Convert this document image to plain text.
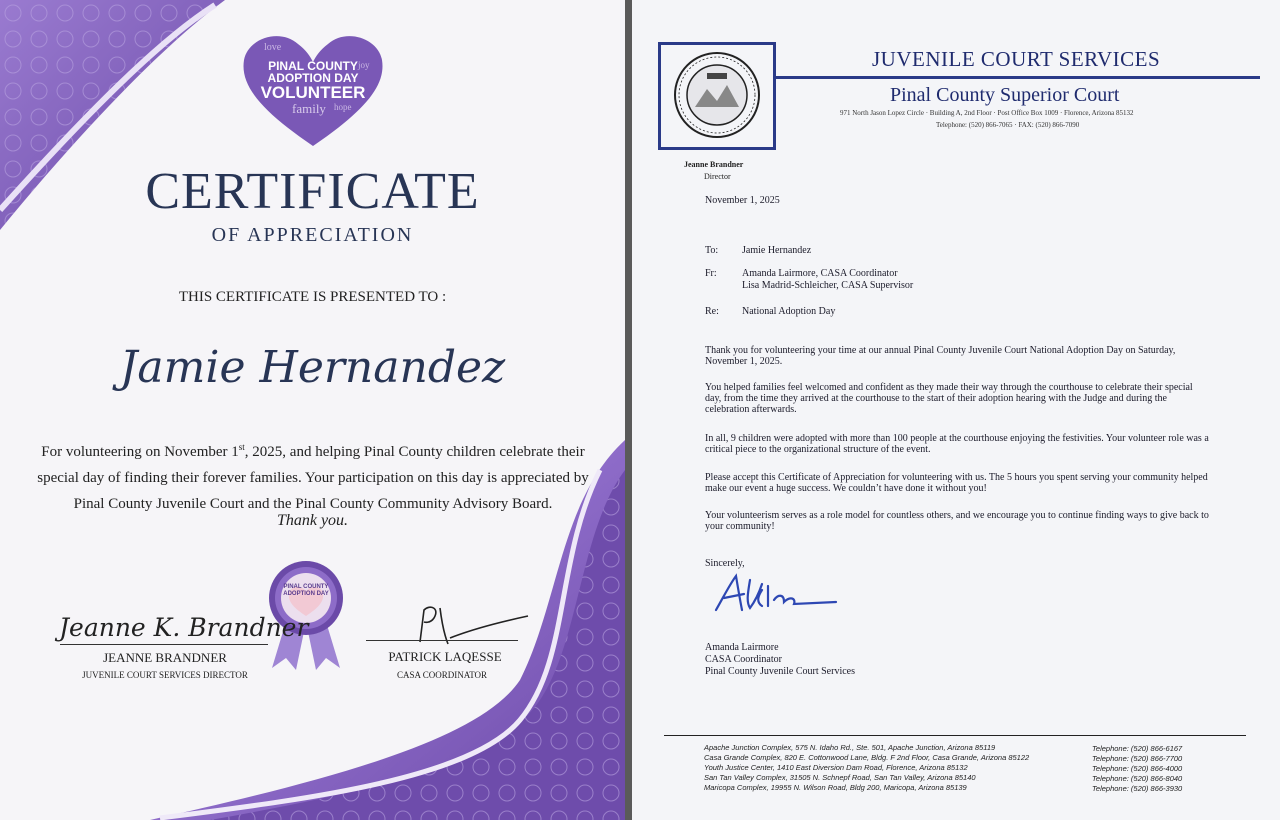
love
joy
PINAL COUNTY
ADOPTION DAY
VOLUNTEER
family hope
CERTIFICATE
OF APPRECIATION
THIS CERTIFICATE IS PRESENTED TO :
Jamie Hernandez
For volunteering on November 1st, 2025, and helping Pinal County children celebrate their special day of finding their forever families. Your participation on this day is appreciated by Pinal County Juvenile Court and the Pinal County Community Advisory Board.
Thank you.
PINAL COUNTY
ADOPTION DAY
Jeanne K. Brandner
JEANNE BRANDNER
JUVENILE COURT SERVICES DIRECTOR
PATRICK LAQESSE
CASA COORDINATOR
JUVENILE COURT SERVICES
Pinal County Superior Court
971 North Jason Lopez Circle · Building A, 2nd Floor · Post Office Box 1009 · Florence, Arizona 85132
Telephone: (520) 866-7065 · FAX: (520) 866-7090
Jeanne Brandner
Director
November 1, 2025
To: Jamie Hernandez
Fr:	Amanda Lairmore, CASA Coordinator
Lisa Madrid-Schleicher, CASA Supervisor
Re: National Adoption Day
Thank you for volunteering your time at our annual Pinal County Juvenile Court National Adoption Day on Saturday, November 1, 2025.
You helped families feel welcomed and confident as they made their way through the courthouse to celebrate their special day, from the time they arrived at the courthouse to the start of their adoption hearing with the Judge and during the celebration afterwards.
In all, 9 children were adopted with more than 100 people at the courthouse enjoying the festivities. Your volunteer role was a critical piece to the organizational structure of the event.
Please accept this Certificate of Appreciation for volunteering with us. The 5 hours you spent serving your community helped make our event a huge success. We couldn’t have done it without you!
Your volunteerism serves as a role model for countless others, and we encourage you to continue finding ways to give back to your community!
Sincerely,
Amanda Lairmore
CASA Coordinator
Pinal County Juvenile Court Services
Apache Junction Complex, 575 N. Idaho Rd., Ste. 501, Apache Junction, Arizona 85119
Casa Grande Complex, 820 E. Cottonwood Lane, Bldg. F 2nd Floor, Casa Grande, Arizona 85122
Youth Justice Center, 1410 East Diversion Dam Road, Florence, Arizona 85132
San Tan Valley Complex, 31505 N. Schnepf Road, San Tan Valley, Arizona 85140
Maricopa Complex, 19955 N. Wilson Road, Bldg 200, Maricopa, Arizona 85139
Telephone: (520) 866-6167
Telephone: (520) 866-7700
Telephone: (520) 866-4000
Telephone: (520) 866-8040
Telephone: (520) 866-3930
